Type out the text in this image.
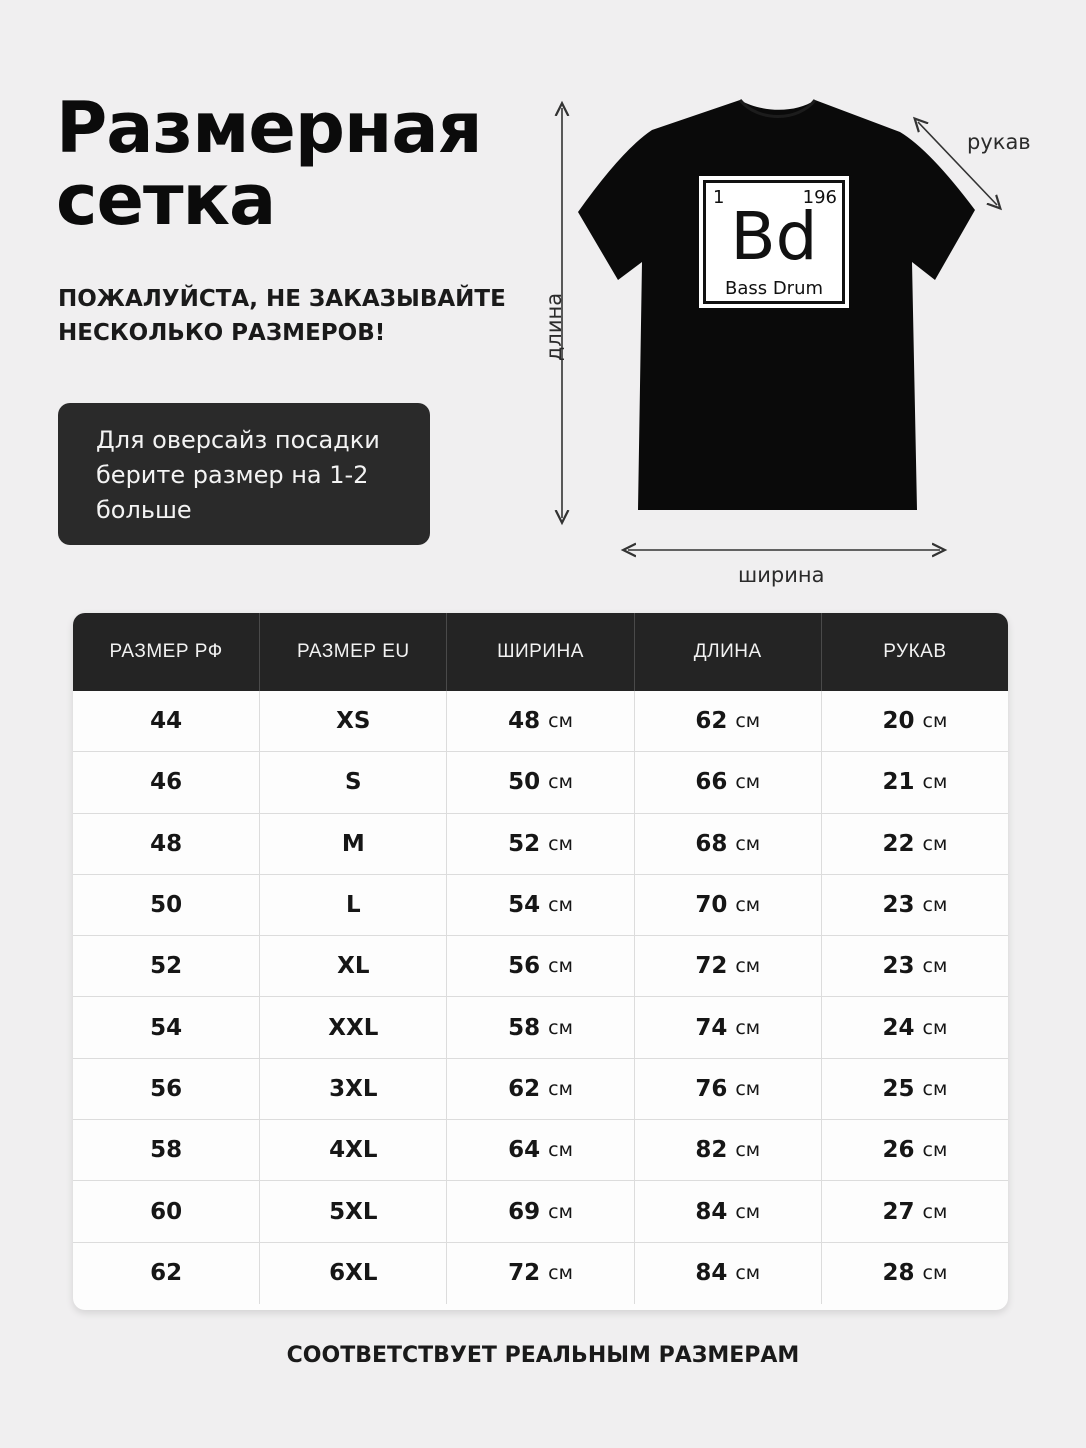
Размерная
сетка
ПОЖАЛУЙСТА, НЕ ЗАКАЗЫВАЙТЕ
НЕСКОЛЬКО РАЗМЕРОВ!
Для оверсайз посадки
берите размер на 1-2
больше
1	196
Bd
Bass Drum
рукав
длина
ширина
РАЗМЕР РФ	РАЗМЕР EU	ШИРИНА	ДЛИНА	РУКАВ
44	XS	48 см	62 см	20 см
46	S	50 см	66 см	21 см
48	M	52 см	68 см	22 см
50	L	54 см	70 см	23 см
52	XL	56 см	72 см	23 см
54	XXL	58 см	74 см	24 см
56	3XL	62 см	76 см	25 см
58	4XL	64 см	82 см	26 см
60	5XL	69 см	84 см	27 см
62	6XL	72 см	84 см	28 см
СООТВЕТСТВУЕТ РЕАЛЬНЫМ РАЗМЕРАМ
